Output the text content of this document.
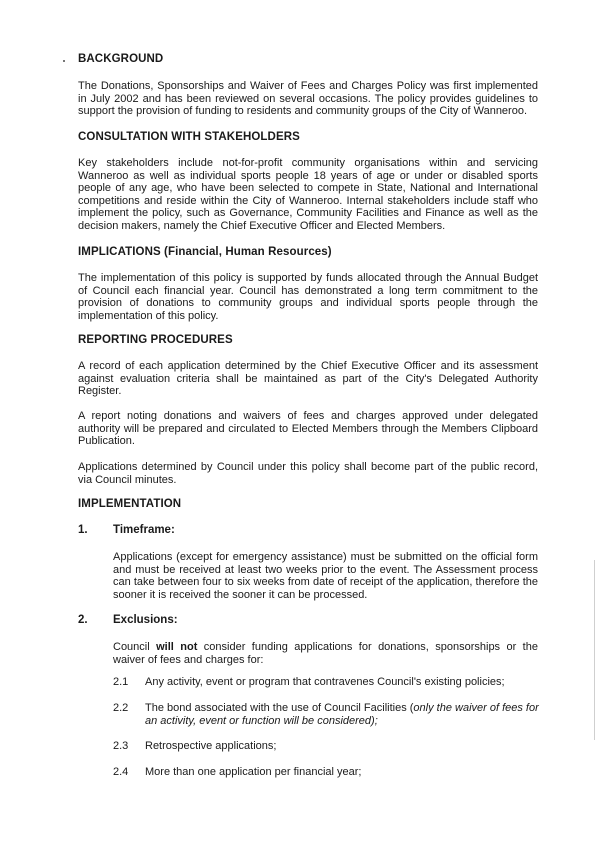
BACKGROUND

The Donations, Sponsorships and Waiver of Fees and Charges Policy was first implemented in July 2002 and has been reviewed on several occasions. The policy provides guidelines to support the provision of funding to residents and community groups of the City of Wanneroo.

CONSULTATION WITH STAKEHOLDERS

Key stakeholders include not-for-profit community organisations within and servicing Wanneroo as well as individual sports people 18 years of age or under or disabled sports people of any age, who have been selected to compete in State, National and International competitions and reside within the City of Wanneroo. Internal stakeholders include staff who implement the policy, such as Governance, Community Facilities and Finance as well as the decision makers, namely the Chief Executive Officer and Elected Members.

IMPLICATIONS (Financial, Human Resources)

The implementation of this policy is supported by funds allocated through the Annual Budget of Council each financial year. Council has demonstrated a long term commitment to the provision of donations to community groups and individual sports people through the implementation of this policy.

REPORTING PROCEDURES

A record of each application determined by the Chief Executive Officer and its assessment against evaluation criteria shall be maintained as part of the City's Delegated Authority Register.

A report noting donations and waivers of fees and charges approved under delegated authority will be prepared and circulated to Elected Members through the Members Clipboard Publication.

Applications determined by Council under this policy shall become part of the public record, via Council minutes.

IMPLEMENTATION
1. Timeframe:

Applications (except for emergency assistance) must be submitted on the official form and must be received at least two weeks prior to the event. The Assessment process can take between four to six weeks from date of receipt of the application, therefore the sooner it is received the sooner it can be processed.

2. Exclusions:

Council will not consider funding applications for donations, sponsorships or the waiver of fees and charges for:

2.1 Any activity, event or program that contravenes Council's existing policies;
2.2 The bond associated with the use of Council Facilities (only the waiver of fees for an activity, event or function will be considered);

2.3 Retrospective applications;
2.4 More than one application per financial year;
